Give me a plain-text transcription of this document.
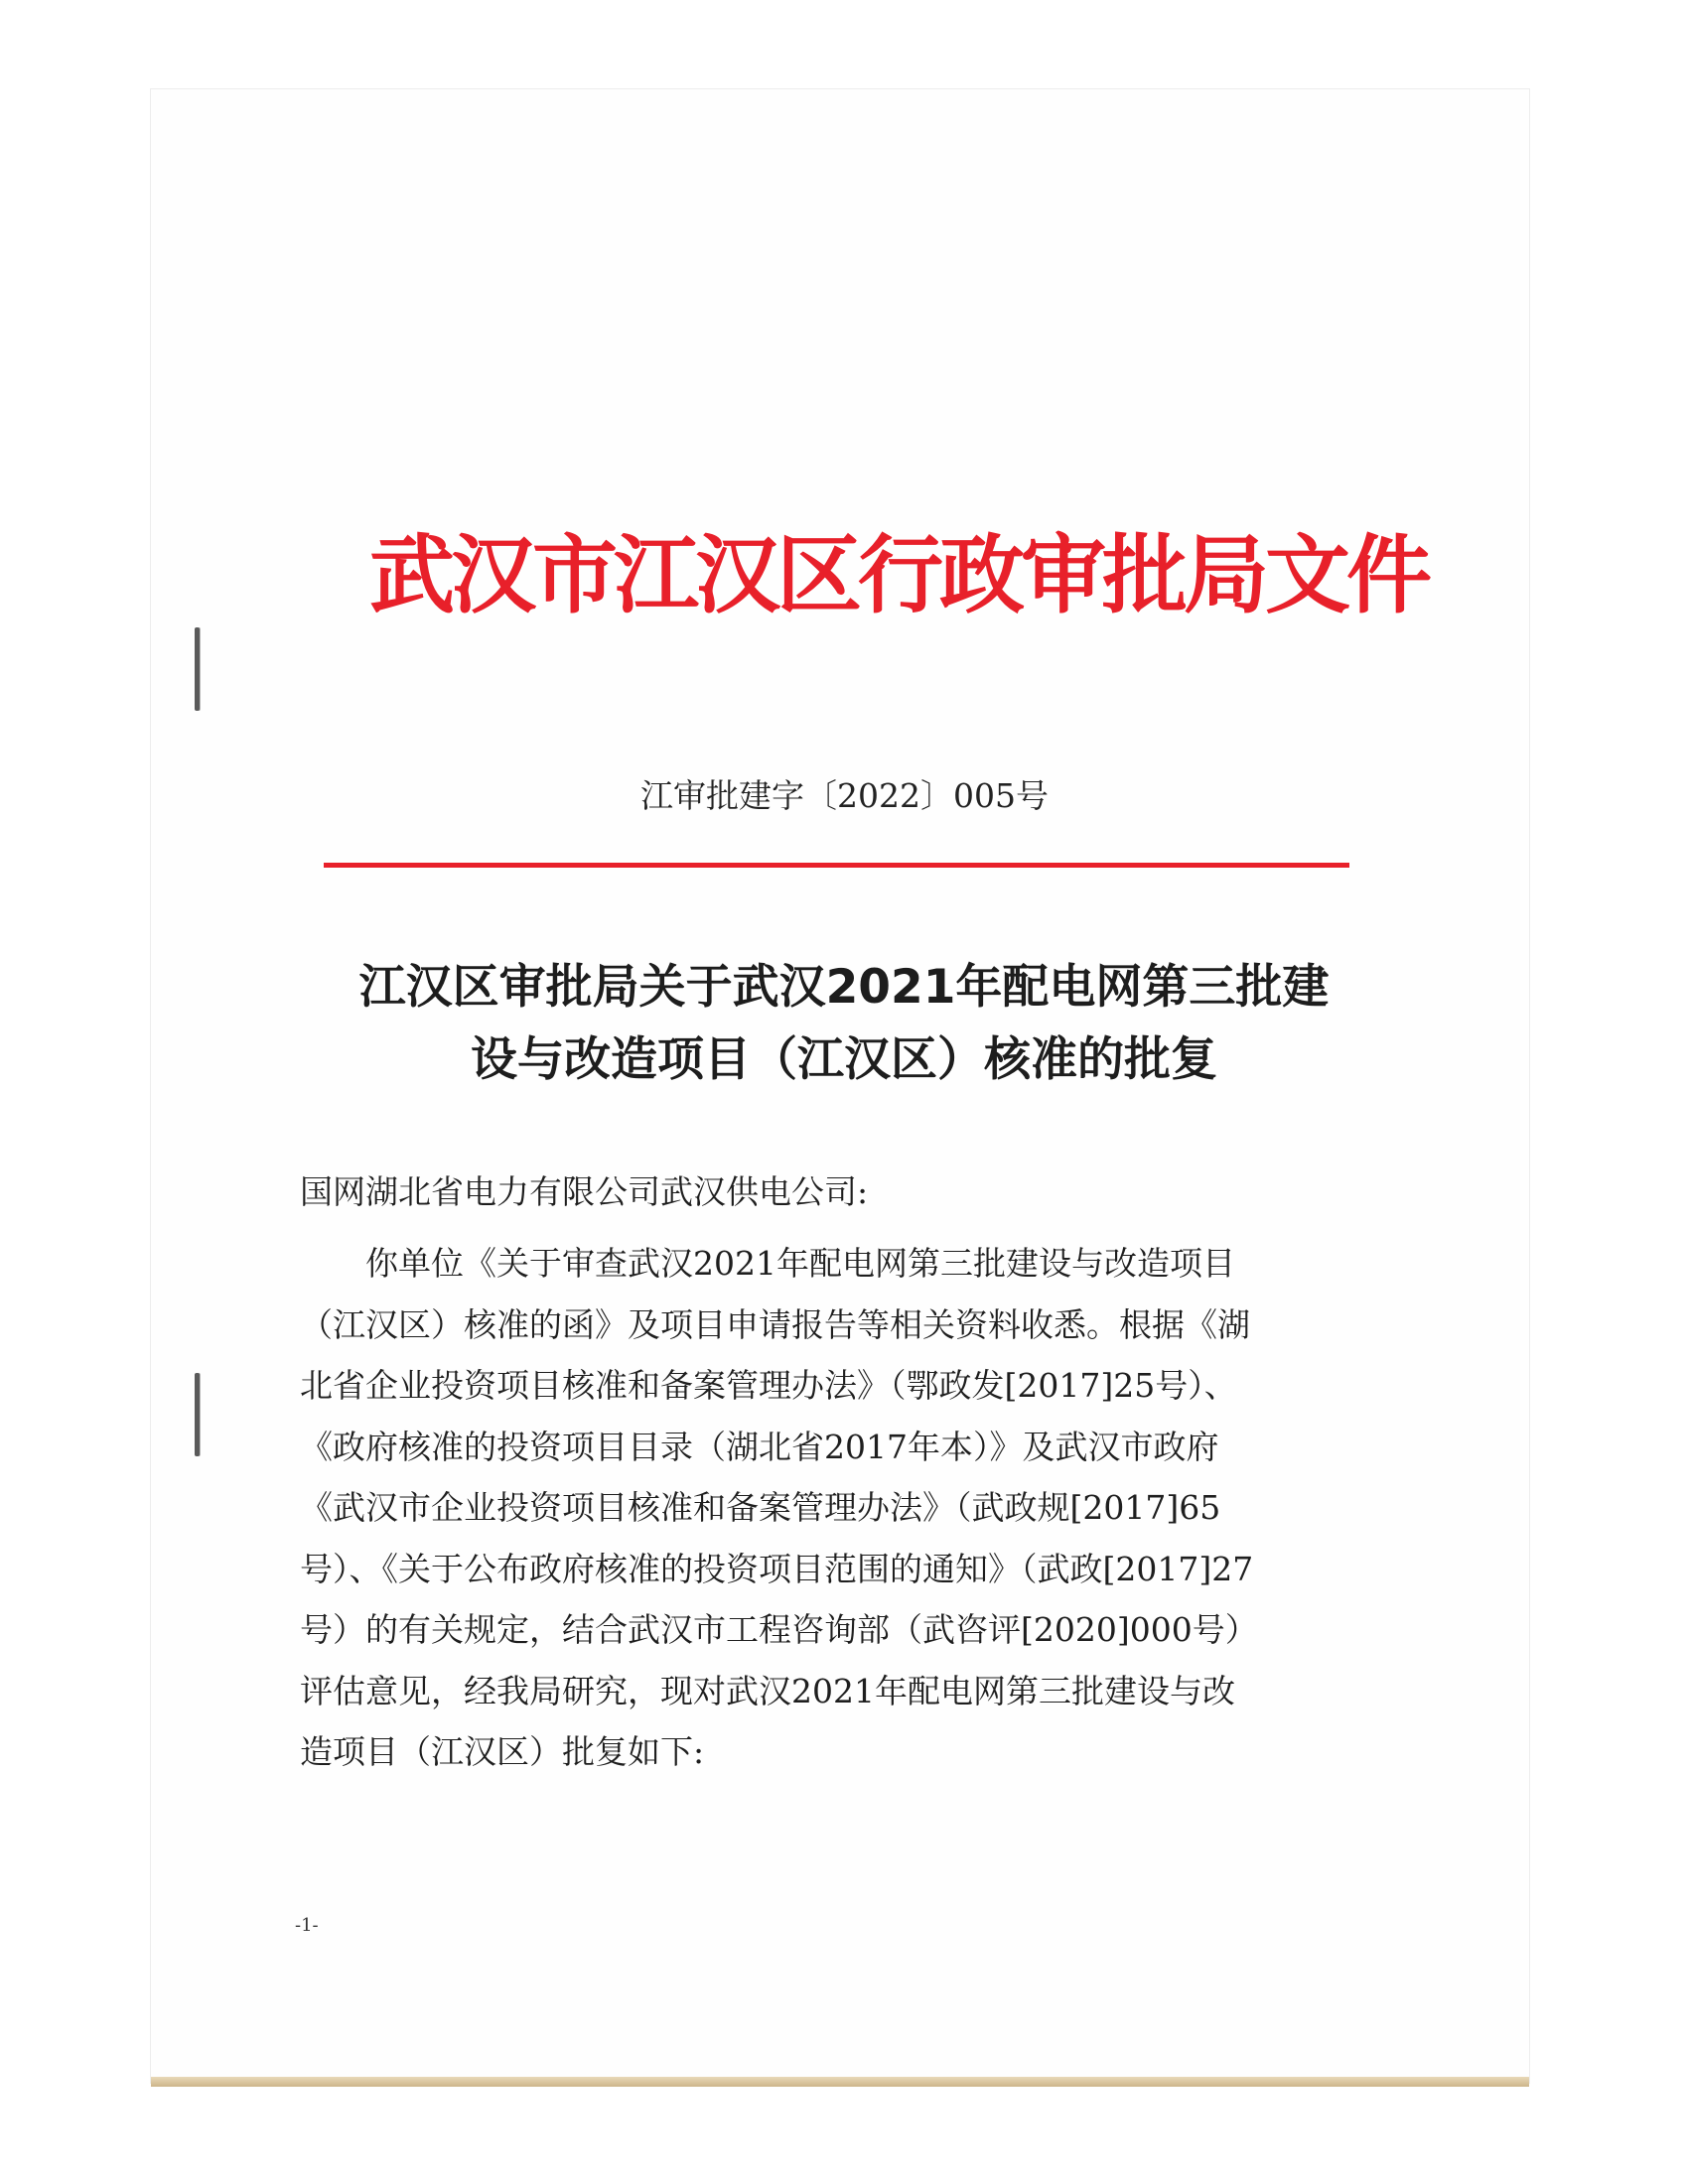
武汉市江汉区行政审批局文件
江审批建字〔2022〕005号
江汉区审批局关于武汉2021年配电网第三批建
设与改造项目（江汉区）核准的批复
国网湖北省电力有限公司武汉供电公司:
你单位《关于审查武汉2021年配电网第三批建设与改造项目
（江汉区）核准的函》及项目申请报告等相关资料收悉。根据《湖
北省企业投资项目核准和备案管理办法》（鄂政发[2017]25号）、
《政府核准的投资项目目录（湖北省2017年本）》及武汉市政府
《武汉市企业投资项目核准和备案管理办法》（武政规[2017]65
号）、《关于公布政府核准的投资项目范围的通知》（武政[2017]27
号）的有关规定，结合武汉市工程咨询部（武咨评[2020]000号）
评估意见，经我局研究，现对武汉2021年配电网第三批建设与改
造项目（江汉区）批复如下:
-1-
